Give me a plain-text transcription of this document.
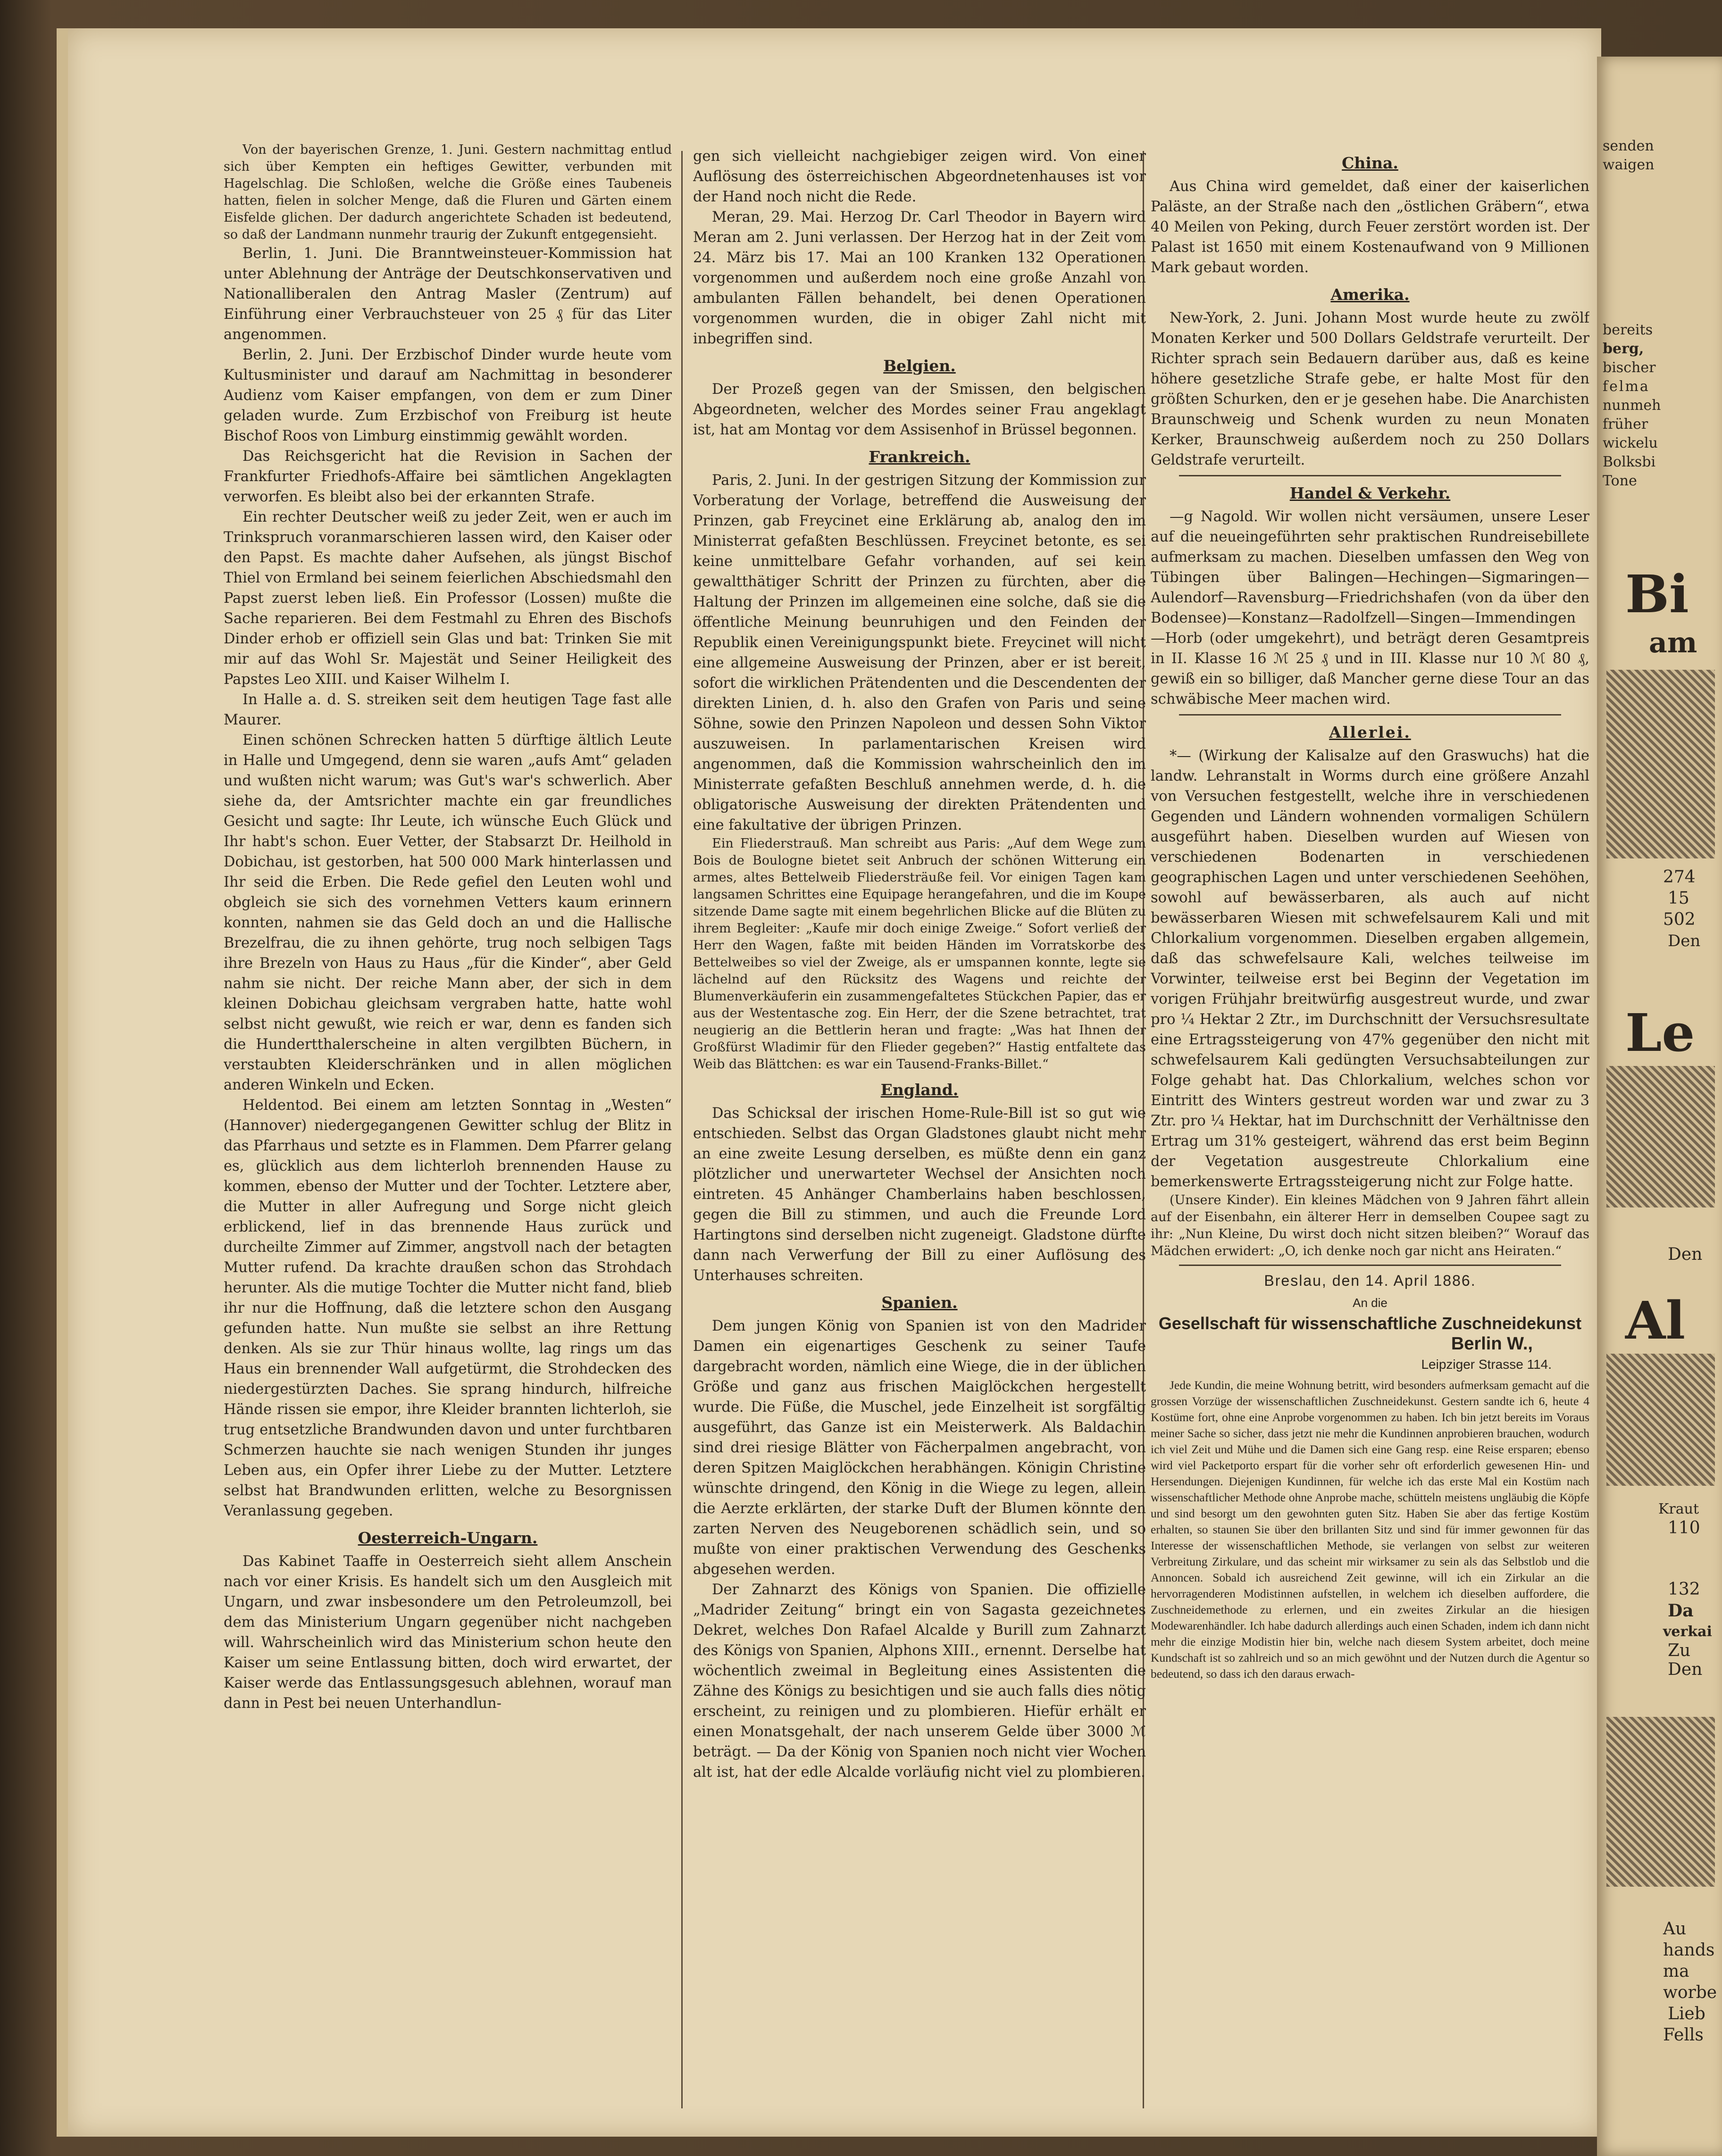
Von der bayerischen Grenze, 1. Juni. Gestern nachmittag entlud sich über Kempten ein heftiges Gewitter, verbunden mit Hagelschlag. Die Schloßen, welche die Größe eines Taubeneis hatten, fielen in solcher Menge, daß die Fluren und Gärten einem Eisfelde glichen. Der dadurch angerichtete Schaden ist bedeutend, so daß der Landmann nunmehr traurig der Zukunft entgegensieht.

Berlin, 1. Juni. Die Branntweinsteuer-Kommission hat unter Ablehnung der Anträge der Deutschkonservativen und Nationalliberalen den Antrag Masler (Zentrum) auf Einführung einer Verbrauchsteuer von 25 ₰ für das Liter angenommen.

Berlin, 2. Juni. Der Erzbischof Dinder wurde heute vom Kultusminister und darauf am Nachmittag in besonderer Audienz vom Kaiser empfangen, von dem er zum Diner geladen wurde. Zum Erzbischof von Freiburg ist heute Bischof Roos von Limburg einstimmig gewählt worden.

Das Reichsgericht hat die Revision in Sachen der Frankfurter Friedhofs-Affaire bei sämtlichen Angeklagten verworfen. Es bleibt also bei der erkannten Strafe.

Ein rechter Deutscher weiß zu jeder Zeit, wen er auch im Trinkspruch voranmarschieren lassen wird, den Kaiser oder den Papst. Es machte daher Aufsehen, als jüngst Bischof Thiel von Ermland bei seinem feierlichen Abschiedsmahl den Papst zuerst leben ließ. Ein Professor (Lossen) mußte die Sache reparieren. Bei dem Festmahl zu Ehren des Bischofs Dinder erhob er offiziell sein Glas und bat: Trinken Sie mit mir auf das Wohl Sr. Majestät und Seiner Heiligkeit des Papstes Leo XIII. und Kaiser Wilhelm I.

In Halle a. d. S. streiken seit dem heutigen Tage fast alle Maurer.

Einen schönen Schrecken hatten 5 dürftige ältlich Leute in Halle und Umgegend, denn sie waren „aufs Amt“ geladen und wußten nicht warum; was Gut's war's schwerlich. Aber siehe da, der Amtsrichter machte ein gar freundliches Gesicht und sagte: Ihr Leute, ich wünsche Euch Glück und Ihr habt's schon. Euer Vetter, der Stabsarzt Dr. Heilhold in Dobichau, ist gestorben, hat 500 000 Mark hinterlassen und Ihr seid die Erben. Die Rede gefiel den Leuten wohl und obgleich sie sich des vornehmen Vetters kaum erinnern konnten, nahmen sie das Geld doch an und die Hallische Brezelfrau, die zu ihnen gehörte, trug noch selbigen Tags ihre Brezeln von Haus zu Haus „für die Kinder“, aber Geld nahm sie nicht. Der reiche Mann aber, der sich in dem kleinen Dobichau gleichsam vergraben hatte, hatte wohl selbst nicht gewußt, wie reich er war, denn es fanden sich die Hundertthalerscheine in alten vergilbten Büchern, in verstaubten Kleiderschränken und in allen möglichen anderen Winkeln und Ecken.

Heldentod. Bei einem am letzten Sonntag in „Westen“ (Hannover) niedergegangenen Gewitter schlug der Blitz in das Pfarrhaus und setzte es in Flammen. Dem Pfarrer gelang es, glücklich aus dem lichterloh brennenden Hause zu kommen, ebenso der Mutter und der Tochter. Letztere aber, die Mutter in aller Aufregung und Sorge nicht gleich erblickend, lief in das brennende Haus zurück und durcheilte Zimmer auf Zimmer, angstvoll nach der betagten Mutter rufend. Da krachte draußen schon das Strohdach herunter. Als die mutige Tochter die Mutter nicht fand, blieb ihr nur die Hoffnung, daß die letztere schon den Ausgang gefunden hatte. Nun mußte sie selbst an ihre Rettung denken. Als sie zur Thür hinaus wollte, lag rings um das Haus ein brennender Wall aufgetürmt, die Strohdecken des niedergestürzten Daches. Sie sprang hindurch, hilfreiche Hände rissen sie empor, ihre Kleider brannten lichterloh, sie trug entsetzliche Brandwunden davon und unter furchtbaren Schmerzen hauchte sie nach wenigen Stunden ihr junges Leben aus, ein Opfer ihrer Liebe zu der Mutter. Letztere selbst hat Brandwunden erlitten, welche zu Besorgnissen Veranlassung gegeben.

Oesterreich-Ungarn.

Das Kabinet Taaffe in Oesterreich sieht allem Anschein nach vor einer Krisis. Es handelt sich um den Ausgleich mit Ungarn, und zwar insbesondere um den Petroleumzoll, bei dem das Ministerium Ungarn gegenüber nicht nachgeben will. Wahrscheinlich wird das Ministerium schon heute den Kaiser um seine Entlassung bitten, doch wird erwartet, der Kaiser werde das Entlassungsgesuch ablehnen, worauf man dann in Pest bei neuen Unterhandlun-

gen sich vielleicht nachgiebiger zeigen wird. Von einer Auflösung des österreichischen Abgeordnetenhauses ist vor der Hand noch nicht die Rede.

Meran, 29. Mai. Herzog Dr. Carl Theodor in Bayern wird Meran am 2. Juni verlassen. Der Herzog hat in der Zeit vom 24. März bis 17. Mai an 100 Kranken 132 Operationen vorgenommen und außerdem noch eine große Anzahl von ambulanten Fällen behandelt, bei denen Operationen vorgenommen wurden, die in obiger Zahl nicht mit inbegriffen sind.

Belgien.

Der Prozeß gegen van der Smissen, den belgischen Abgeordneten, welcher des Mordes seiner Frau angeklagt ist, hat am Montag vor dem Assisenhof in Brüssel begonnen.

Frankreich.

Paris, 2. Juni. In der gestrigen Sitzung der Kommission zur Vorberatung der Vorlage, betreffend die Ausweisung der Prinzen, gab Freycinet eine Erklärung ab, analog den im Ministerrat gefaßten Beschlüssen. Freycinet betonte, es sei keine unmittelbare Gefahr vorhanden, auf sei kein gewaltthätiger Schritt der Prinzen zu fürchten, aber die Haltung der Prinzen im allgemeinen eine solche, daß sie die öffentliche Meinung beunruhigen und den Feinden der Republik einen Vereinigungspunkt biete. Freycinet will nicht eine allgemeine Ausweisung der Prinzen, aber er ist bereit, sofort die wirklichen Prätendenten und die Descendenten der direkten Linien, d. h. also den Grafen von Paris und seine Söhne, sowie den Prinzen Napoleon und dessen Sohn Viktor auszuweisen. In parlamentarischen Kreisen wird angenommen, daß die Kommission wahrscheinlich den im Ministerrate gefaßten Beschluß annehmen werde, d. h. die obligatorische Ausweisung der direkten Prätendenten und eine fakultative der übrigen Prinzen.

Ein Fliederstrauß. Man schreibt aus Paris: „Auf dem Wege zum Bois de Boulogne bietet seit Anbruch der schönen Witterung ein armes, altes Bettelweib Fliedersträuße feil. Vor einigen Tagen kam langsamen Schrittes eine Equipage herangefahren, und die im Koupe sitzende Dame sagte mit einem begehrlichen Blicke auf die Blüten zu ihrem Begleiter: „Kaufe mir doch einige Zweige.“ Sofort verließ der Herr den Wagen, faßte mit beiden Händen im Vorratskorbe des Bettelweibes so viel der Zweige, als er umspannen konnte, legte sie lächelnd auf den Rücksitz des Wagens und reichte der Blumenverkäuferin ein zusammengefaltetes Stückchen Papier, das er aus der Westentasche zog. Ein Herr, der die Szene betrachtet, trat neugierig an die Bettlerin heran und fragte: „Was hat Ihnen der Großfürst Wladimir für den Flieder gegeben?“ Hastig entfaltete das Weib das Blättchen: es war ein Tausend-Franks-Billet.“

England.

Das Schicksal der irischen Home-Rule-Bill ist so gut wie entschieden. Selbst das Organ Gladstones glaubt nicht mehr an eine zweite Lesung derselben, es müßte denn ein ganz plötzlicher und unerwarteter Wechsel der Ansichten noch eintreten. 45 Anhänger Chamberlains haben beschlossen, gegen die Bill zu stimmen, und auch die Freunde Lord Hartingtons sind derselben nicht zugeneigt. Gladstone dürfte dann nach Verwerfung der Bill zu einer Auflösung des Unterhauses schreiten.

Spanien.

Dem jungen König von Spanien ist von den Madrider Damen ein eigenartiges Geschenk zu seiner Taufe dargebracht worden, nämlich eine Wiege, die in der üblichen Größe und ganz aus frischen Maiglöckchen hergestellt wurde. Die Füße, die Muschel, jede Einzelheit ist sorgfältig ausgeführt, das Ganze ist ein Meisterwerk. Als Baldachin sind drei riesige Blätter von Fächerpalmen angebracht, von deren Spitzen Maiglöckchen herabhängen. Königin Christine wünschte dringend, den König in die Wiege zu legen, allein die Aerzte erklärten, der starke Duft der Blumen könnte den zarten Nerven des Neugeborenen schädlich sein, und so mußte von einer praktischen Verwendung des Geschenks abgesehen werden.

Der Zahnarzt des Königs von Spanien. Die offizielle „Madrider Zeitung“ bringt ein von Sagasta gezeichnetes Dekret, welches Don Rafael Alcalde y Burill zum Zahnarzt des Königs von Spanien, Alphons XIII., ernennt. Derselbe hat wöchentlich zweimal in Begleitung eines Assistenten die Zähne des Königs zu besichtigen und sie auch falls dies nötig erscheint, zu reinigen und zu plombieren. Hiefür erhält er einen Monatsgehalt, der nach unserem Gelde über 3000 ℳ beträgt. — Da der König von Spanien noch nicht vier Wochen alt ist, hat der edle Alcalde vorläufig nicht viel zu plombieren.

China.

Aus China wird gemeldet, daß einer der kaiserlichen Paläste, an der Straße nach den „östlichen Gräbern“, etwa 40 Meilen von Peking, durch Feuer zerstört worden ist. Der Palast ist 1650 mit einem Kostenaufwand von 9 Millionen Mark gebaut worden.

Amerika.

New-York, 2. Juni. Johann Most wurde heute zu zwölf Monaten Kerker und 500 Dollars Geldstrafe verurteilt. Der Richter sprach sein Bedauern darüber aus, daß es keine höhere gesetzliche Strafe gebe, er halte Most für den größten Schurken, den er je gesehen habe. Die Anarchisten Braunschweig und Schenk wurden zu neun Monaten Kerker, Braunschweig außerdem noch zu 250 Dollars Geldstrafe verurteilt.

Handel & Verkehr.

—g Nagold. Wir wollen nicht versäumen, unsere Leser auf die neueingeführten sehr praktischen Rundreisebillete aufmerksam zu machen. Dieselben umfassen den Weg von Tübingen über Balingen—Hechingen—Sigmaringen—Aulendorf—Ravensburg—Friedrichshafen (von da über den Bodensee)—Konstanz—Radolfzell—Singen—Immendingen—Horb (oder umgekehrt), und beträgt deren Gesamtpreis in II. Klasse 16 ℳ 25 ₰ und in III. Klasse nur 10 ℳ 80 ₰, gewiß ein so billiger, daß Mancher gerne diese Tour an das schwäbische Meer machen wird.

Allerlei.

*— (Wirkung der Kalisalze auf den Graswuchs) hat die landw. Lehranstalt in Worms durch eine größere Anzahl von Versuchen festgestellt, welche ihre in verschiedenen Gegenden und Ländern wohnenden vormaligen Schülern ausgeführt haben. Dieselben wurden auf Wiesen von verschiedenen Bodenarten in verschiedenen geographischen Lagen und unter verschiedenen Seehöhen, sowohl auf bewässerbaren, als auch auf nicht bewässerbaren Wiesen mit schwefelsaurem Kali und mit Chlorkalium vorgenommen. Dieselben ergaben allgemein, daß das schwefelsaure Kali, welches teilweise im Vorwinter, teilweise erst bei Beginn der Vegetation im vorigen Frühjahr breitwürfig ausgestreut wurde, und zwar pro ¼ Hektar 2 Ztr., im Durchschnitt der Versuchsresultate eine Ertragssteigerung von 47% gegenüber den nicht mit schwefelsaurem Kali gedüngten Versuchsabteilungen zur Folge gehabt hat. Das Chlorkalium, welches schon vor Eintritt des Winters gestreut worden war und zwar zu 3 Ztr. pro ¼ Hektar, hat im Durchschnitt der Verhältnisse den Ertrag um 31% gesteigert, während das erst beim Beginn der Vegetation ausgestreute Chlorkalium eine bemerkenswerte Ertragssteigerung nicht zur Folge hatte.

(Unsere Kinder). Ein kleines Mädchen von 9 Jahren fährt allein auf der Eisenbahn, ein älterer Herr in demselben Coupee sagt zu ihr: „Nun Kleine, Du wirst doch nicht sitzen bleiben?“ Worauf das Mädchen erwidert: „O, ich denke noch gar nicht ans Heiraten.“

Breslau, den 14. April 1886.
An die
Gesellschaft für wissenschaftliche Zuschneidekunst
Berlin W.,
Leipziger Strasse 114.
Jede Kundin, die meine Wohnung betritt, wird besonders aufmerksam gemacht auf die grossen Vorzüge der wissenschaftlichen Zuschneidekunst. Gestern sandte ich 6, heute 4 Kostüme fort, ohne eine Anprobe vorgenommen zu haben. Ich bin jetzt bereits im Voraus meiner Sache so sicher, dass jetzt nie mehr die Kundinnen anprobieren brauchen, wodurch ich viel Zeit und Mühe und die Damen sich eine Gang resp. eine Reise ersparen; ebenso wird viel Packetporto erspart für die vorher sehr oft erforderlich gewesenen Hin- und Hersendungen. Diejenigen Kundinnen, für welche ich das erste Mal ein Kostüm nach wissenschaftlicher Methode ohne Anprobe mache, schütteln meistens ungläubig die Köpfe und sind besorgt um den gewohnten guten Sitz. Haben Sie aber das fertige Kostüm erhalten, so staunen Sie über den brillanten Sitz und sind für immer gewonnen für das Interesse der wissenschaftlichen Methode, sie verlangen von selbst zur weiteren Verbreitung Zirkulare, und das scheint mir wirksamer zu sein als das Selbstlob und die Annoncen. Sobald ich ausreichend Zeit gewinne, will ich ein Zirkular an die hervorragenderen Modistinnen aufstellen, in welchem ich dieselben auffordere, die Zuschneidemethode zu erlernen, und ein zweites Zirkular an die hiesigen Modewarenhändler. Ich habe dadurch allerdings auch einen Schaden, indem ich dann nicht mehr die einzige Modistin hier bin, welche nach diesem System arbeitet, doch meine Kundschaft ist so zahlreich und so an mich gewöhnt und der Nutzen durch die Agentur so bedeutend, so dass ich den daraus erwach-
senden
waigen
bereits
berg,
bischer
felma
nunmeh
früher
wickelu
Bolksbi
Tone
Bi
am
274
15
502
Den
Le
Den
Al
Kraut
110
132
Da
verkai
Zu
Den
Au
hands
ma
worbe
Lieb
Fells
